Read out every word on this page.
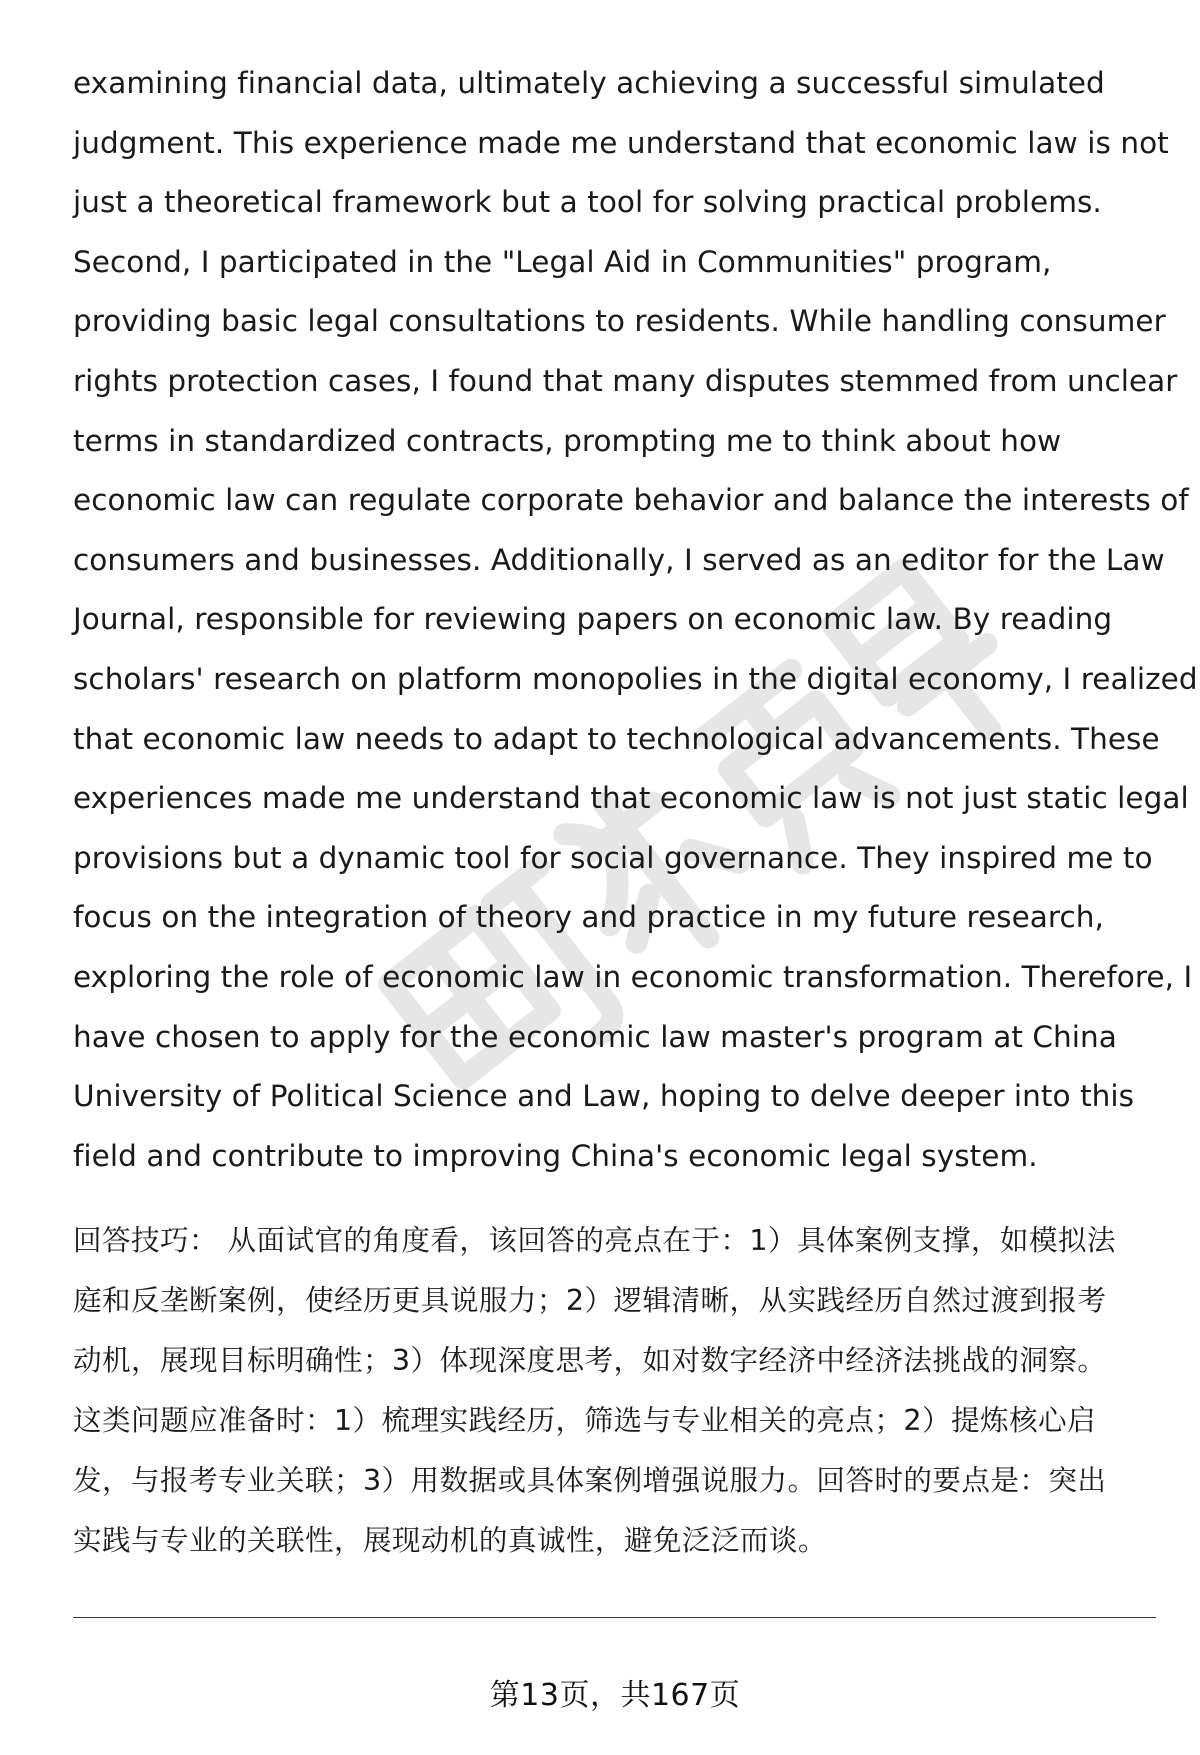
examining financial data, ultimately achieving a successful simulated
judgment. This experience made me understand that economic law is not
just a theoretical framework but a tool for solving practical problems.
Second, I participated in the "Legal Aid in Communities" program,
providing basic legal consultations to residents. While handling consumer
rights protection cases, I found that many disputes stemmed from unclear
terms in standardized contracts, prompting me to think about how
economic law can regulate corporate behavior and balance the interests of
consumers and businesses. Additionally, I served as an editor for the Law
Journal, responsible for reviewing papers on economic law. By reading
scholars' research on platform monopolies in the digital economy, I realized
that economic law needs to adapt to technological advancements. These
experiences made me understand that economic law is not just static legal
provisions but a dynamic tool for social governance. They inspired me to
focus on the integration of theory and practice in my future research,
exploring the role of economic law in economic transformation. Therefore, I
have chosen to apply for the economic law master's program at China
University of Political Science and Law, hoping to delve deeper into this
field and contribute to improving China's economic legal system.
回答技巧： 从面试官的角度看，该回答的亮点在于：1）具体案例支撑，如模拟法
庭和反垄断案例，使经历更具说服力；2）逻辑清晰，从实践经历自然过渡到报考
动机，展现目标明确性；3）体现深度思考，如对数字经济中经济法挑战的洞察。
这类问题应准备时：1）梳理实践经历，筛选与专业相关的亮点；2）提炼核心启
发，与报考专业关联；3）用数据或具体案例增强说服力。回答时的要点是：突出
实践与专业的关联性，展现动机的真诚性，避免泛泛而谈。
第13页，共167页
